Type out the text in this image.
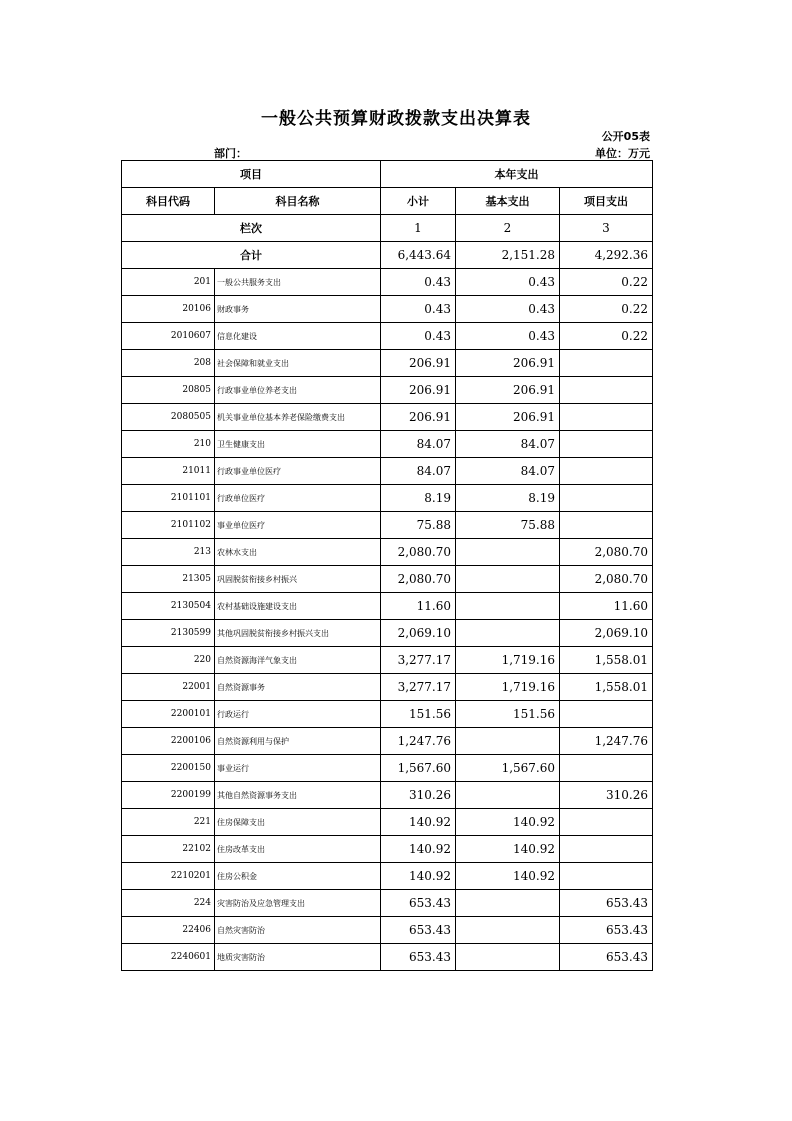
一般公共预算财政拨款支出决算表
公开05表
部门：	单位：万元
项目		本年支出		
科目代码	科目名称	小计	基本支出	项目支出
栏次		1	2	3
合计		6,443.64	2,151.28	4,292.36
201	一般公共服务支出	0.43	0.43	0.22
20106	财政事务	0.43	0.43	0.22
2010607	信息化建设	0.43	0.43	0.22
208	社会保障和就业支出	206.91	206.91	
20805	行政事业单位养老支出	206.91	206.91	
2080505	机关事业单位基本养老保险缴费支出	206.91	206.91	
210	卫生健康支出	84.07	84.07	
21011	行政事业单位医疗	84.07	84.07	
2101101	行政单位医疗	8.19	8.19	
2101102	事业单位医疗	75.88	75.88	
213	农林水支出	2,080.70		2,080.70
21305	巩固脱贫衔接乡村振兴	2,080.70		2,080.70
2130504	农村基础设施建设支出	11.60		11.60
2130599	其他巩固脱贫衔接乡村振兴支出	2,069.10		2,069.10
220	自然资源海洋气象支出	3,277.17	1,719.16	1,558.01
22001	自然资源事务	3,277.17	1,719.16	1,558.01
2200101	行政运行	151.56	151.56	
2200106	自然资源利用与保护	1,247.76		1,247.76
2200150	事业运行	1,567.60	1,567.60	
2200199	其他自然资源事务支出	310.26		310.26
221	住房保障支出	140.92	140.92	
22102	住房改革支出	140.92	140.92	
2210201	住房公积金	140.92	140.92	
224	灾害防治及应急管理支出	653.43		653.43
22406	自然灾害防治	653.43		653.43
2240601	地质灾害防治	653.43		653.43
